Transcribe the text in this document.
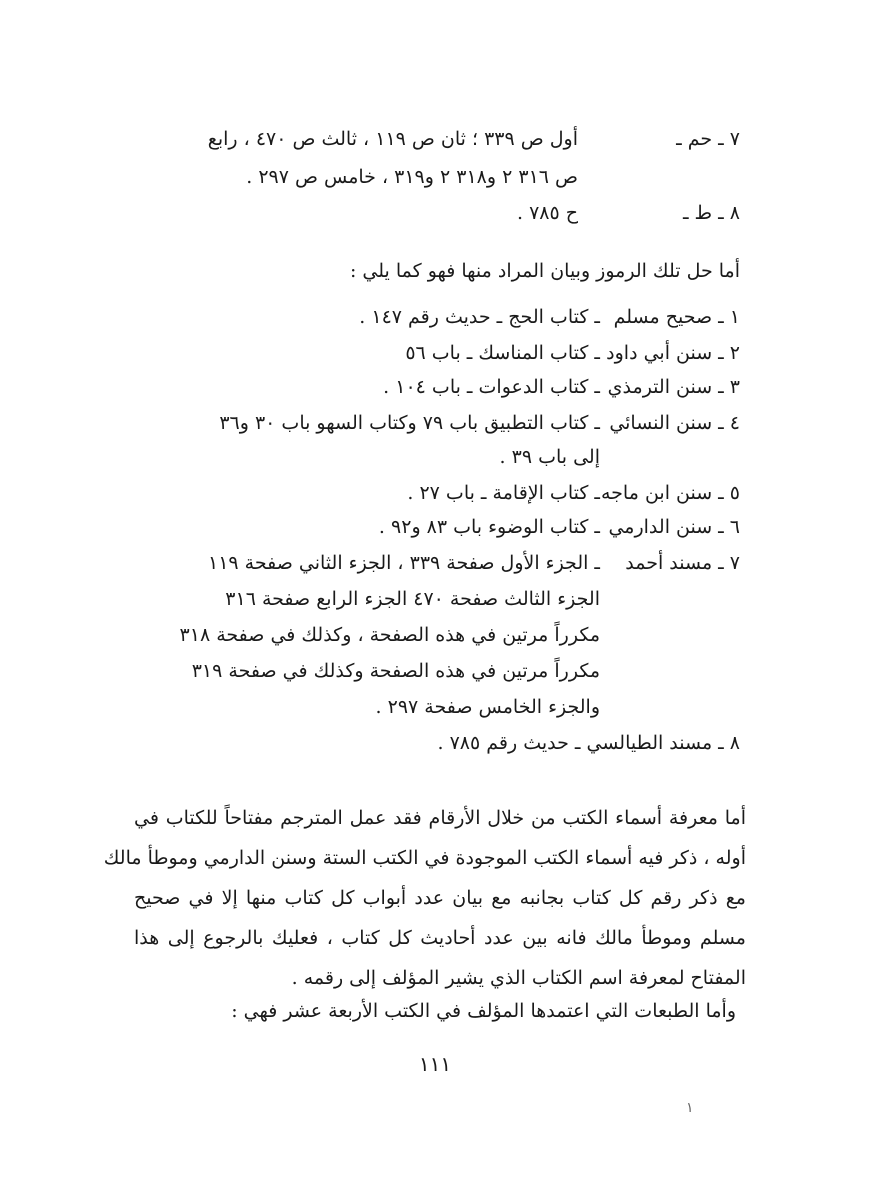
٧ ـ حم ـ
أول ص ٣٣٩ ؛ ثان ص ١١٩ ، ثالث ص ٤٧٠ ، رابع
ص ٣١٦ ٢ و٣١٨ ٢ و٣١٩ ، خامس ص ٢٩٧ .
٨ ـ ط ـ
ح ٧٨٥ .
أما حل تلك الرموز وبيان المراد منها فهو كما يلي :
١ ـ صحيح مسلم
ـ كتاب الحج ـ حديث رقم ١٤٧ .
٢ ـ سنن أبي داود
ـ كتاب المناسك ـ باب ٥٦
٣ ـ سنن الترمذي
ـ كتاب الدعوات ـ باب ١٠٤ .
٤ ـ سنن النسائي
ـ كتاب التطبيق باب ٧٩ وكتاب السهو باب ٣٠ و٣٦
إلى باب ٣٩ .
٥ ـ سنن ابن ماجه
ـ كتاب الإقامة ـ باب ٢٧ .
٦ ـ سنن الدارمي
ـ كتاب الوضوء باب ٨٣ و٩٢ .
٧ ـ مسند أحمد
ـ الجزء الأول صفحة ٣٣٩ ، الجزء الثاني صفحة ١١٩
الجزء الثالث صفحة ٤٧٠ الجزء الرابع صفحة ٣١٦
مكرراً مرتين في هذه الصفحة ، وكذلك في صفحة ٣١٨
مكرراً مرتين في هذه الصفحة وكذلك في صفحة ٣١٩
والجزء الخامس صفحة ٢٩٧ .
٨ ـ مسند الطيالسي ـ حديث رقم ٧٨٥ .
أما معرفة أسماء الكتب من خلال الأرقام فقد عمل المترجم مفتاحاً للكتاب في
أوله ، ذكر فيه أسماء الكتب الموجودة في الكتب الستة وسنن الدارمي وموطأ مالك
مع ذكر رقم كل كتاب بجانبه مع بيان عدد أبواب كل كتاب منها إلا في صحيح
مسلم وموطأ مالك فانه بين عدد أحاديث كل كتاب ، فعليك بالرجوع إلى هذا
المفتاح لمعرفة اسم الكتاب الذي يشير المؤلف إلى رقمه .
وأما الطبعات التي اعتمدها المؤلف في الكتب الأربعة عشر فهي :
١١١
١
